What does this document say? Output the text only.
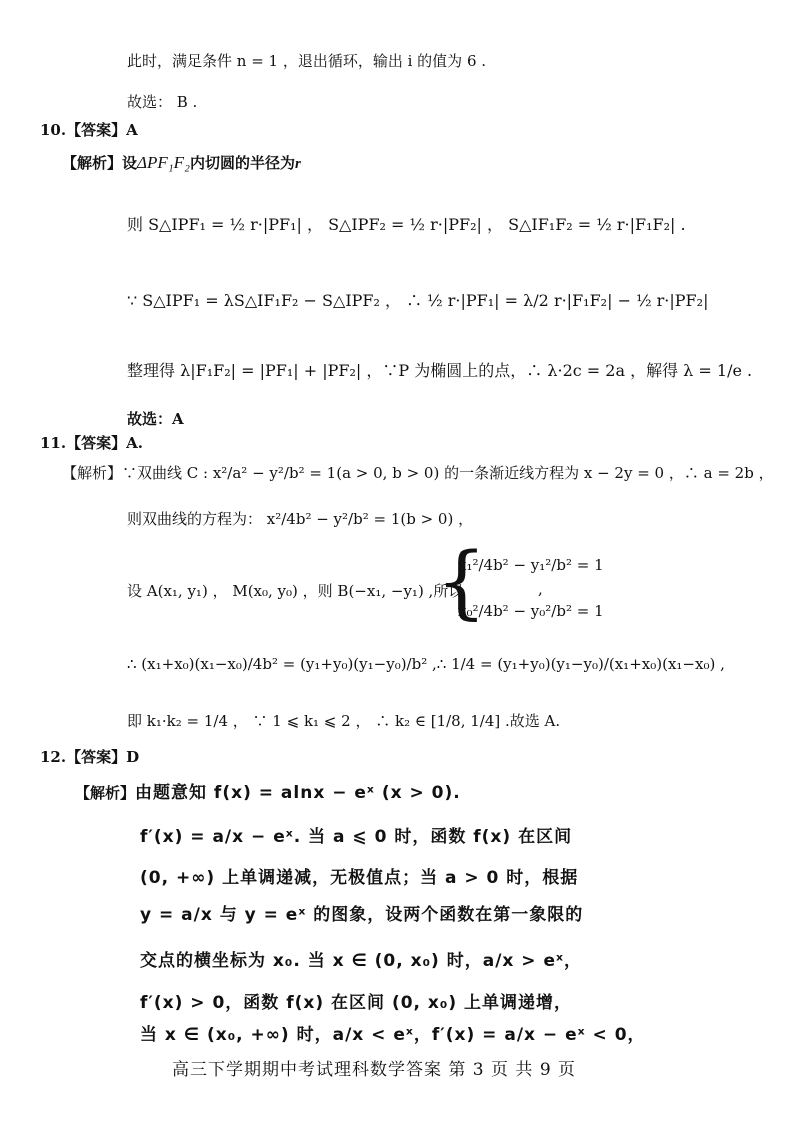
此时，满足条件 n = 1 ，退出循环，输出 i 的值为 6 .
故选： B .
10.【答案】A
【解析】设ΔPF₁F₂内切圆的半径为r
则 S△IPF₁ = ½ r·|PF₁| ， S△IPF₂ = ½ r·|PF₂| ， S△IF₁F₂ = ½ r·|F₁F₂| .
∵ S△IPF₁ = λS△IF₁F₂ − S△IPF₂ ， ∴ ½ r·|PF₁| = λ/2 r·|F₁F₂| − ½ r·|PF₂|
整理得 λ|F₁F₂| = |PF₁| + |PF₂| ，∵P 为椭圆上的点，∴ λ·2c = 2a ，解得 λ = 1/e .
故选：A
11.【答案】A.
【解析】∵双曲线 C : x²/a² − y²/b² = 1(a > 0, b > 0) 的一条渐近线方程为 x − 2y = 0 ，∴ a = 2b ，
则双曲线的方程为： x²/4b² − y²/b² = 1(b > 0) ，
设 A(x₁, y₁) ， M(x₀, y₀) ，则 B(−x₁, −y₁) ,所以
{
x₁²/4b² − y₁²/b² = 1
x₀²/4b² − y₀²/b² = 1
,
∴ (x₁+x₀)(x₁−x₀)/4b² = (y₁+y₀)(y₁−y₀)/b² ,∴ 1/4 = (y₁+y₀)(y₁−y₀)/(x₁+x₀)(x₁−x₀) ,
即 k₁·k₂ = 1/4 ， ∵ 1 ⩽ k₁ ⩽ 2 ， ∴ k₂ ∈ [1/8, 1/4] .故选 A.
12.【答案】D
【解析】由题意知 f(x) = alnx − eˣ (x > 0).
f′(x) = a/x − eˣ. 当 a ⩽ 0 时，函数 f(x) 在区间
(0, +∞) 上单调递减，无极值点；当 a > 0 时，根据
y = a/x 与 y = eˣ 的图象，设两个函数在第一象限的
交点的横坐标为 x₀. 当 x ∈ (0, x₀) 时，a/x > eˣ，
f′(x) > 0，函数 f(x) 在区间 (0, x₀) 上单调递增，
当 x ∈ (x₀, +∞) 时，a/x < eˣ，f′(x) = a/x − eˣ < 0，
高三下学期期中考试理科数学答案 第 3 页 共 9 页
